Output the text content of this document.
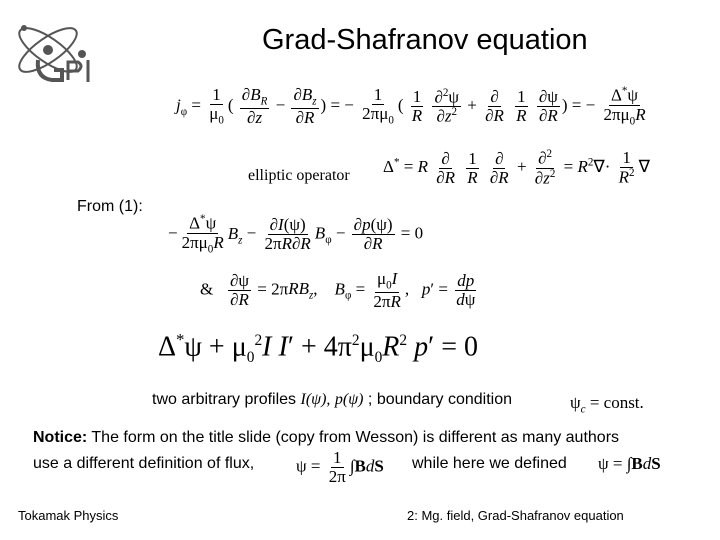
Grad-Shafranov equation
$j_\varphi = \frac{1}{\mu_0}$ ( $\frac{\partial B_R}{\partial z} - \frac{\partial B_z}{\partial R}$ ) = − $\frac{1}{2\pi\mu_0}$ ( $\frac{1}{R}$
$\frac{\partial^2\psi}{\partial z^2} + \frac{\partial}{\partial R}$
$\frac{1}{R}$
$\frac{\partial\psi}{\partial R}$ ) = − $\frac{\Delta^*\psi}{2\pi\mu_0R}$
elliptic operator Δ* = R $\frac{\partial}{\partial R}$
$\frac{1}{R}$
$\frac{\partial}{\partial R} + \frac{\partial^2}{\partial z^2} = R^2\nabla\cdot \frac{1}{R^2}$ ∇
From (1):
− $\frac{\Delta^*\psi}{2\pi\mu_0R} B_z - \frac{\partial I(\psi)}{2\pi R\partial R} B_\varphi - \frac{\partial p(\psi)}{\partial R} = 0$
& $\frac{\partial\psi}{\partial R} = 2\pi RB_z$,    $B_\varphi = \frac{\mu_0I}{2\pi R}$ ,   $p' = \frac{dp}{d\psi}$
$\Delta^*\psi + \mu_0^2I$ $I' + 4\pi^2\mu_0R^2$ p′ = 0
two arbitrary profiles I(ψ), p(ψ) ; boundary condition	$\psi_c$ = const.
Notice: The form on the title slide (copy from Wesson) is different as many authors
use a different definition of flux, $\psi = \frac{1}{2\pi} \int BdS$ while here we defined ψ = ∫BdS
Tokamak Physics	2: Mg. field, Grad-Shafranov equation
